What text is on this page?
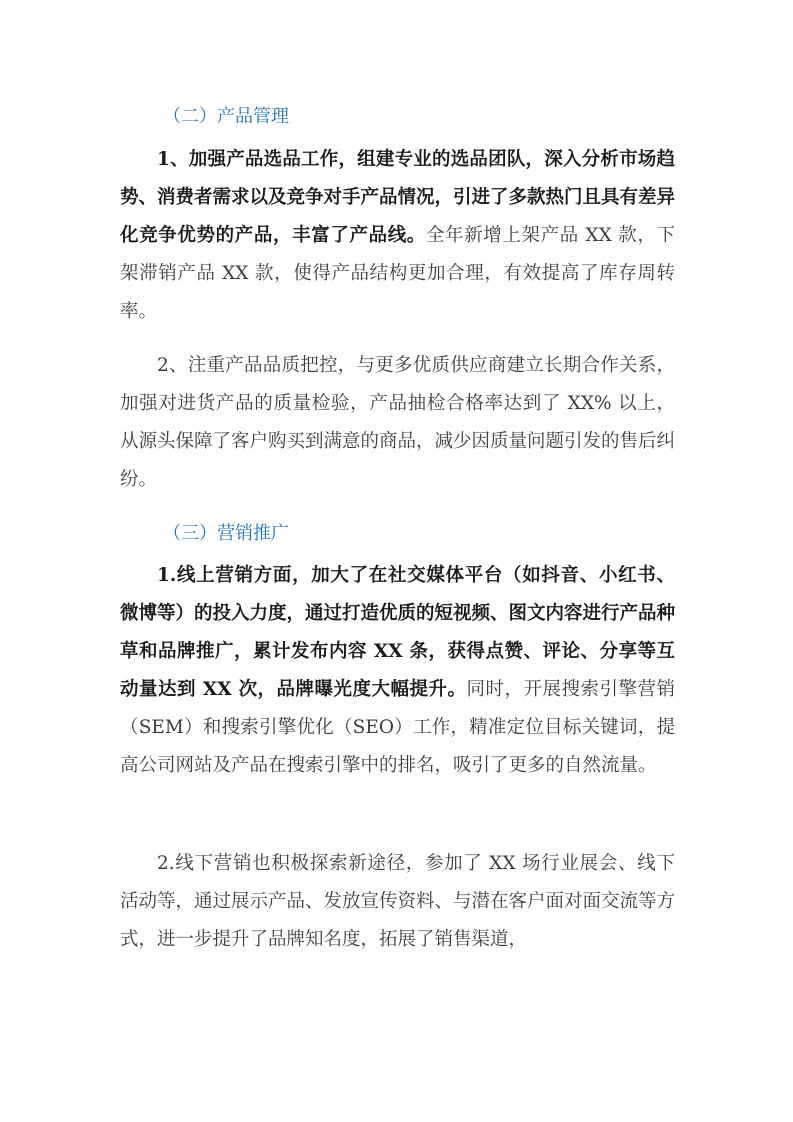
（二）产品管理

1、加强产品选品工作，组建专业的选品团队，深入分析市场趋势、消费者需求以及竞争对手产品情况，引进了多款热门且具有差异化竞争优势的产品，丰富了产品线。全年新增上架产品 XX 款，下架滞销产品 XX 款，使得产品结构更加合理，有效提高了库存周转率。

2、注重产品品质把控，与更多优质供应商建立长期合作关系，加强对进货产品的质量检验，产品抽检合格率达到了 XX% 以上，从源头保障了客户购买到满意的商品，减少因质量问题引发的售后纠纷。

（三）营销推广

1.线上营销方面，加大了在社交媒体平台（如抖音、小红书、微博等）的投入力度，通过打造优质的短视频、图文内容进行产品种草和品牌推广，累计发布内容 XX 条，获得点赞、评论、分享等互动量达到 XX 次，品牌曝光度大幅提升。同时，开展搜索引擎营销（SEM）和搜索引擎优化（SEO）工作，精准定位目标关键词，提高公司网站及产品在搜索引擎中的排名，吸引了更多的自然流量。

2.线下营销也积极探索新途径，参加了 XX 场行业展会、线下活动等，通过展示产品、发放宣传资料、与潜在客户面对面交流等方式，进一步提升了品牌知名度，拓展了销售渠道，
